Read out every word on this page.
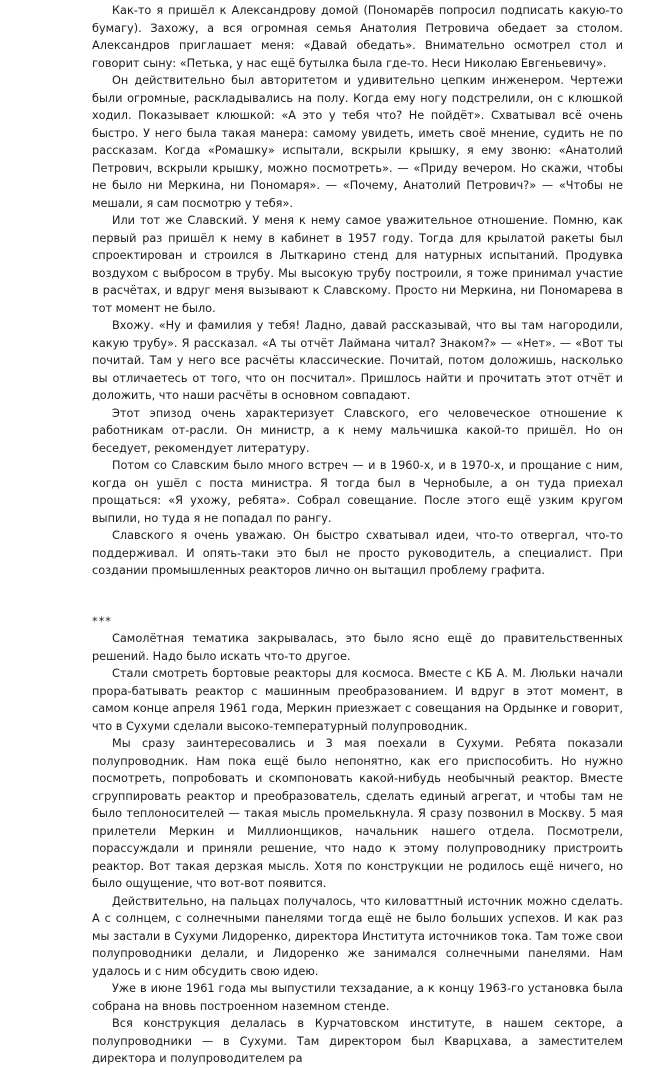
Как-то я пришёл к Александрову домой (Пономарёв попросил подписать какую-то бумагу). Захожу, а вся огромная семья Анатолия Петровича обедает за столом. Александров приглашает меня: «Давай обедать». Внимательно осмотрел стол и говорит сыну: «Петька, у нас ещё бутылка была где-то. Неси Николаю Евгеньевичу».

Он действительно был авторитетом и удивительно цепким инженером. Чертежи были огромные, раскладывались на полу. Когда ему ногу подстрелили, он с клюшкой ходил. Показывает клюшкой: «А это у тебя что? Не пойдёт». Схватывал всё очень быстро. У него была такая манера: самому увидеть, иметь своё мнение, судить не по рассказам. Когда «Ромашку» испытали, вскрыли крышку, я ему звоню: «Анатолий Петрович, вскрыли крышку, можно посмотреть». — «Приду вечером. Но скажи, чтобы не было ни Меркина, ни Пономаря». — «Почему, Анатолий Петрович?» — «Чтобы не мешали, я сам посмотрю у тебя».

Или тот же Славский. У меня к нему самое уважительное отношение. Помню, как первый раз пришёл к нему в кабинет в 1957 году. Тогда для крылатой ракеты был спроектирован и строился в Лыткарино стенд для натурных испытаний. Продувка воздухом с выбросом в трубу. Мы высокую трубу построили, я тоже принимал участие в расчётах, и вдруг меня вызывают к Славскому. Просто ни Меркина, ни Пономарева в тот момент не было.

Вхожу. «Ну и фамилия у тебя! Ладно, давай рассказывай, что вы там нагородили, какую трубу». Я рассказал. «А ты отчёт Лаймана читал? Знаком?» — «Нет». — «Вот ты почитай. Там у него все расчёты классические. Почитай, потом доложишь, насколько вы отличаетесь от того, что он посчитал». Пришлось найти и прочитать этот отчёт и доложить, что наши расчёты в основном совпадают.

Этот эпизод очень характеризует Славского, его человеческое отношение к работникам от-расли. Он министр, а к нему мальчишка какой-то пришёл. Но он беседует, рекомендует литературу.

Потом со Славским было много встреч — и в 1960-х, и в 1970-х, и прощание с ним, когда он ушёл с поста министра. Я тогда был в Чернобыле, а он туда приехал прощаться: «Я ухожу, ребята». Собрал совещание. После этого ещё узким кругом выпили, но туда я не попадал по рангу.

Славского я очень уважаю. Он быстро схватывал идеи, что-то отвергал, что-то поддерживал. И опять-таки это был не просто руководитель, а специалист. При создании промышленных реакторов лично он вытащил проблему графита.

***

Самолётная тематика закрывалась, это было ясно ещё до правительственных решений. Надо было искать что-то другое.

Стали смотреть бортовые реакторы для космоса. Вместе с КБ А. М. Люльки начали прора-батывать реактор с машинным преобразованием. И вдруг в этот момент, в самом конце апреля 1961 года, Меркин приезжает с совещания на Ордынке и говорит, что в Сухуми сделали высоко-температурный полупроводник.

Мы сразу заинтересовались и 3 мая поехали в Сухуми. Ребята показали полупроводник. Нам пока ещё было непонятно, как его приспособить. Но нужно посмотреть, попробовать и скомпоновать какой-нибудь необычный реактор. Вместе сгруппировать реактор и преобразователь, сделать единый агрегат, и чтобы там не было теплоносителей — такая мысль промелькнула. Я сразу позвонил в Москву. 5 мая прилетели Меркин и Миллионщиков, начальник нашего отдела. Посмотрели, порассуждали и приняли решение, что надо к этому полупроводнику пристроить реактор. Вот такая дерзкая мысль. Хотя по конструкции не родилось ещё ничего, но было ощущение, что вот-вот появится.

Действительно, на пальцах получалось, что киловаттный источник можно сделать. А с солнцем, с солнечными панелями тогда ещё не было больших успехов. И как раз мы застали в Сухуми Лидоренко, директора Института источников тока. Там тоже свои полупроводники делали, и Лидоренко же занимался солнечными панелями. Нам удалось и с ним обсудить свою идею.

Уже в июне 1961 года мы выпустили техзадание, а к концу 1963-го установка была собрана на вновь построенном наземном стенде.

Вся конструкция делалась в Курчатовском институте, в нашем секторе, а полупроводники — в Сухуми. Там директором был Кварцхава, а заместителем директора и полупроводителем ра
